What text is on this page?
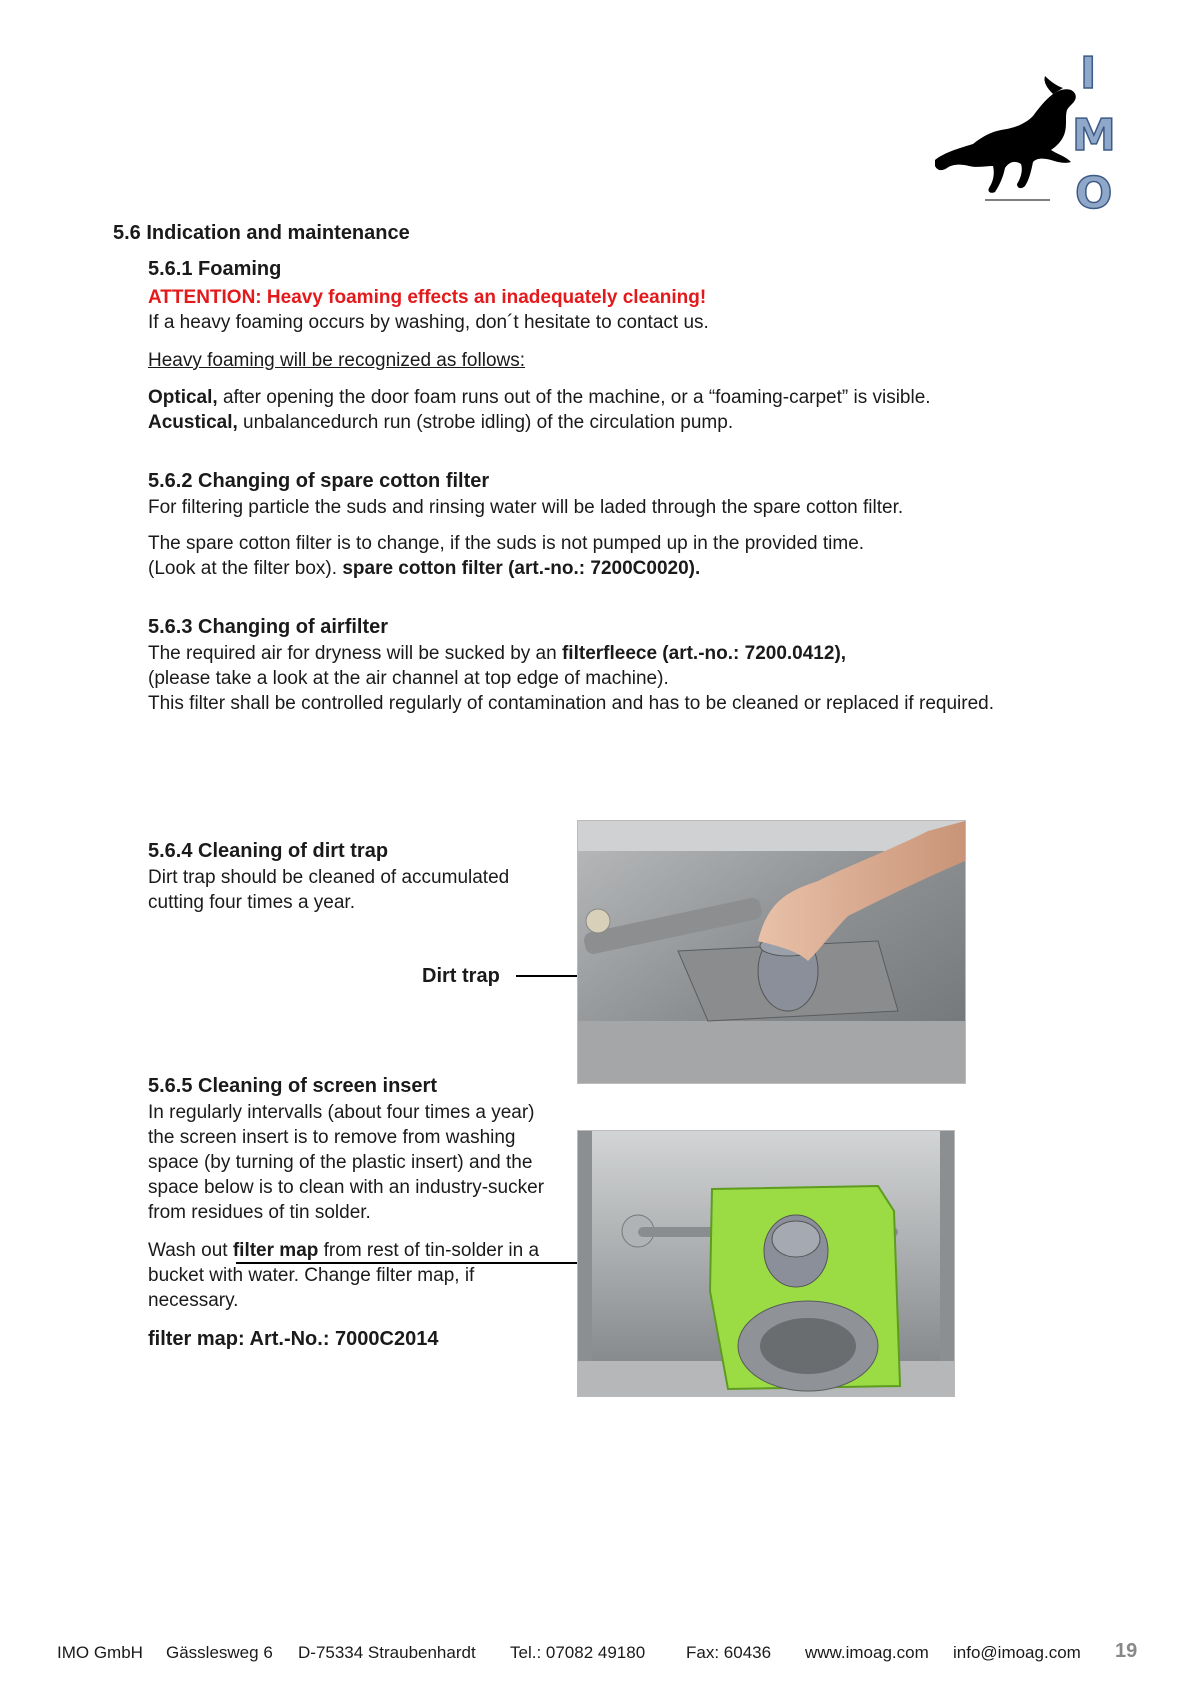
I
M
O
5.6 Indication and maintenance
5.6.1 Foaming
ATTENTION: Heavy foaming effects an inadequately cleaning!
If a heavy foaming occurs by washing, don´t hesitate to contact us.
Heavy foaming will be recognized as follows:
Optical, after opening the door foam runs out of the machine, or a “foaming-carpet” is visible.
Acustical, unbalancedurch run (strobe idling) of the circulation pump.
5.6.2 Changing of spare cotton filter
For filtering particle the suds and rinsing water will be laded through the spare cotton filter.
The spare cotton filter is to change, if the suds is not pumped up in the provided time.
(Look at the filter box). spare cotton filter (art.-no.: 7200C0020).
5.6.3 Changing of airfilter
The required air for dryness will be sucked by an filterfleece (art.-no.: 7200.0412),
(please take a look at the air channel at top edge of machine).
This filter shall be controlled regularly of contamination and has to be cleaned or replaced if required.
5.6.4 Cleaning of dirt trap
Dirt trap should be cleaned of accumulated
cutting four times a year.
Dirt trap
5.6.5 Cleaning of screen insert
In regularly intervalls (about four times a year)
the screen insert is to remove from washing
space (by turning of the plastic insert) and the
space below is to clean with an industry-sucker
from residues of tin solder.
Wash out filter map from rest of tin-solder in a
bucket with water. Change filter map, if
necessary.
filter map: Art.-No.: 7000C2014
IMO GmbH Gässlesweg 6 D-75334 Straubenhardt Tel.: 07082 49180 Fax: 60436 www.imoag.com info@imoag.com 19
